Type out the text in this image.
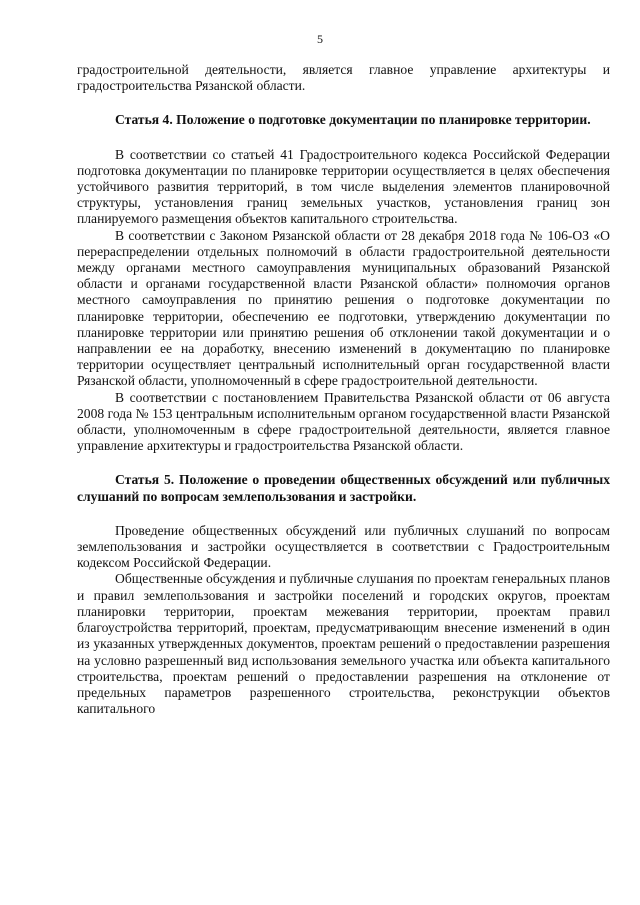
5

градостроительной деятельности, является главное управление архитектуры и градостроительства Рязанской области.

Статья 4. Положение о подготовке документации по планировке территории.

В соответствии со статьей 41 Градостроительного кодекса Российской Федерации подготовка документации по планировке территории осуществляется в целях обеспечения устойчивого развития территорий, в том числе выделения элементов планировочной структуры, установления границ земельных участков, установления границ зон планируемого размещения объектов капитального строительства.

В соответствии с Законом Рязанской области от 28 декабря 2018 года № 106-ОЗ «О перераспределении отдельных полномочий в области градостроительной деятельности между органами местного самоуправления муниципальных образований Рязанской области и органами государственной власти Рязанской области» полномочия органов местного самоуправления по принятию решения о подготовке документации по планировке территории, обеспечению ее подготовки, утверждению документации по планировке территории или принятию решения об отклонении такой документации и о направлении ее на доработку, внесению изменений в документацию по планировке территории осуществляет центральный исполнительный орган государственной власти Рязанской области, уполномоченный в сфере градостроительной деятельности.

В соответствии с постановлением Правительства Рязанской области от 06 августа 2008 года № 153 центральным исполнительным органом государственной власти Рязанской области, уполномоченным в сфере градостроительной деятельности, является главное управление архитектуры и градостроительства Рязанской области.

Статья 5. Положение о проведении общественных обсуждений или публичных слушаний по вопросам землепользования и застройки.

Проведение общественных обсуждений или публичных слушаний по вопросам землепользования и застройки осуществляется в соответствии с Градостроительным кодексом Российской Федерации.

Общественные обсуждения и публичные слушания по проектам генеральных планов и правил землепользования и застройки поселений и городских округов, проектам планировки территории, проектам межевания территории, проектам правил благоустройства территорий, проектам, предусматривающим внесение изменений в один из указанных утвержденных документов, проектам решений о предоставлении разрешения на условно разрешенный вид использования земельного участка или объекта капитального строительства, проектам решений о предоставлении разрешения на отклонение от предельных параметров разрешенного строительства, реконструкции объектов капитального
